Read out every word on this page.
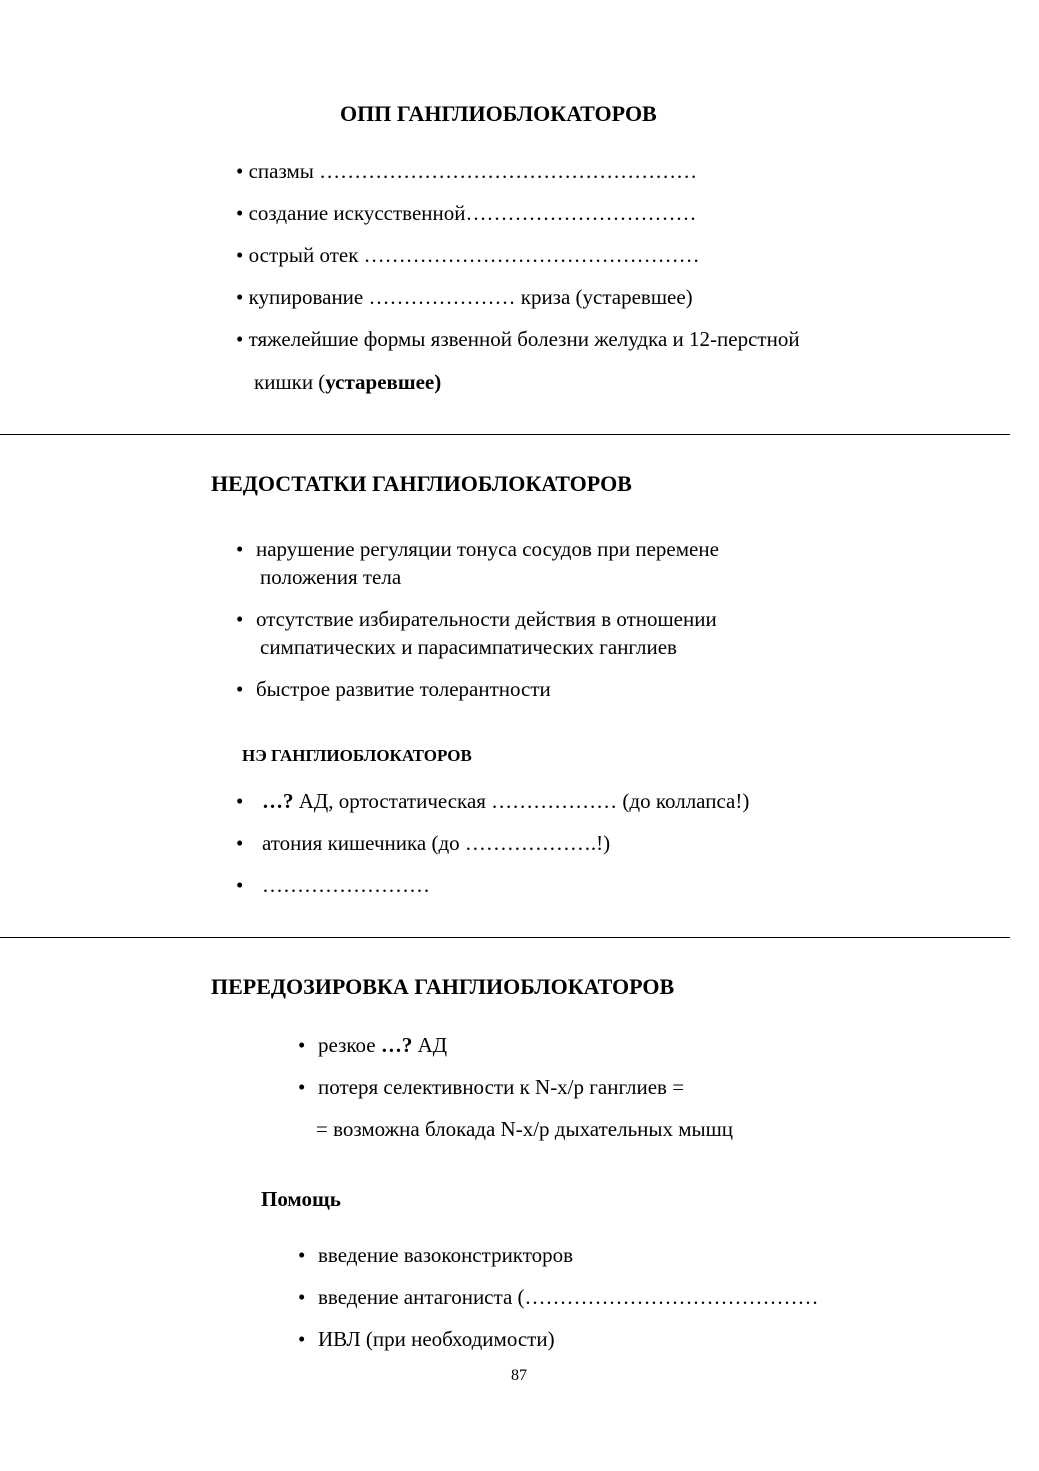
ОПП ГАНГЛИОБЛОКАТОРОВ
• спазмы ………………………………………………
• создание искусственной……………………………
• острый отек …………………………………………
• купирование ………………… криза (устаревшее)
• тяжелейшие формы язвенной болезни желудка и 12-перстной
кишки (устаревшее)
НЕДОСТАТКИ ГАНГЛИОБЛОКАТОРОВ
• нарушение регуляции тонуса сосудов при перемене
положения тела
• отсутствие избирательности действия в отношении
симпатических и парасимпатических ганглиев
• быстрое развитие толерантности
НЭ ГАНГЛИОБЛОКАТОРОВ
• …? АД, ортостатическая ……………… (до коллапса!)
• атония кишечника (до ……………….!)
• ……………………
ПЕРЕДОЗИРОВКА ГАНГЛИОБЛОКАТОРОВ
• резкое …? АД
• потеря селективности к N-х/р ганглиев =
= возможна блокада N-х/р дыхательных мышц
Помощь
• введение вазоконстрикторов
• введение антагониста (……………………………………
• ИВЛ (при необходимости)
87
